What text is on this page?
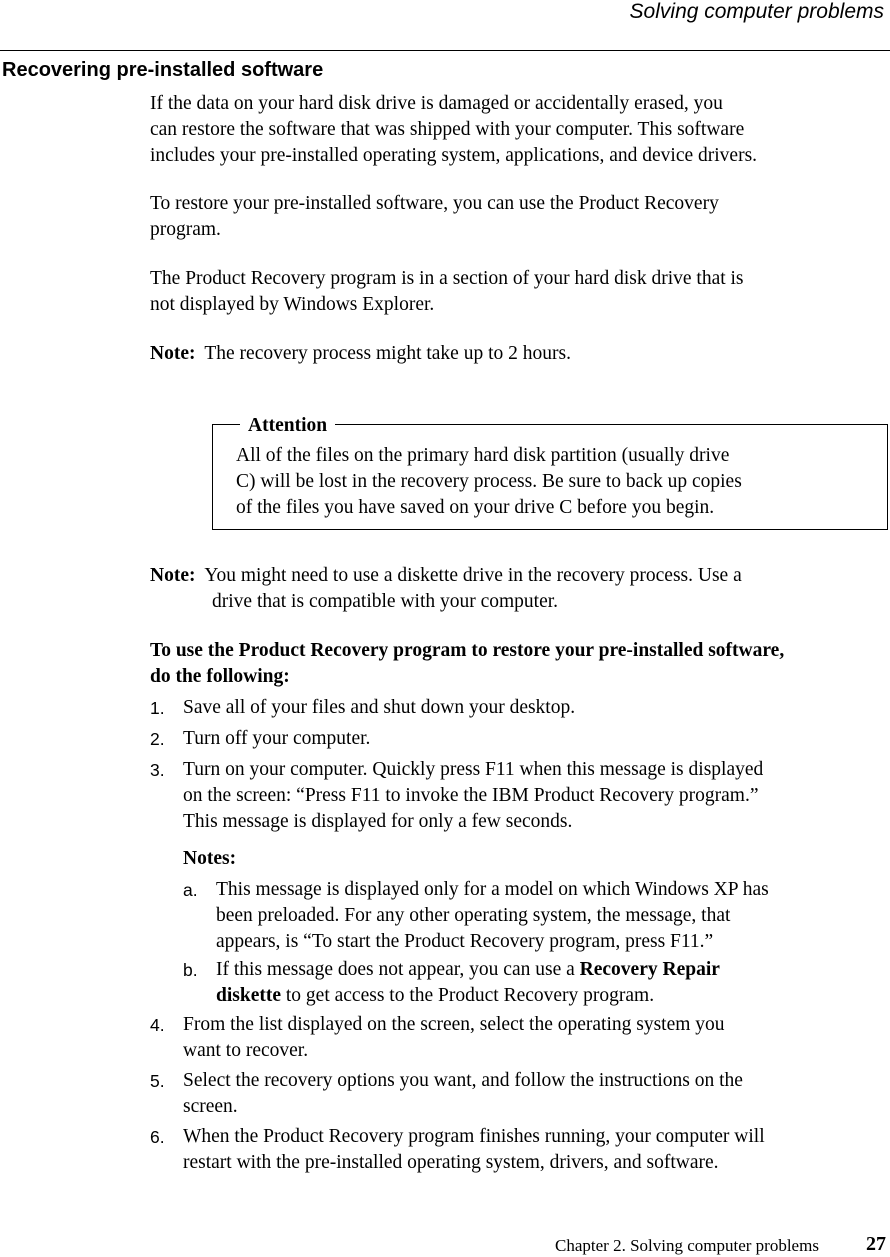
Solving computer problems
Recovering pre-installed software
If the data on your hard disk drive is damaged or accidentally erased, you
can restore the software that was shipped with your computer. This software
includes your pre-installed operating system, applications, and device drivers.
To restore your pre-installed software, you can use the Product Recovery
program.
The Product Recovery program is in a section of your hard disk drive that is
not displayed by Windows Explorer.
Note: The recovery process might take up to 2 hours.
Attention
All of the files on the primary hard disk partition (usually drive
C) will be lost in the recovery process. Be sure to back up copies
of the files you have saved on your drive C before you begin.
Note: You might need to use a diskette drive in the recovery process. Use a
drive that is compatible with your computer.
To use the Product Recovery program to restore your pre-installed software,
do the following:
1. Save all of your files and shut down your desktop.
2. Turn off your computer.
3. Turn on your computer. Quickly press F11 when this message is displayed
on the screen: “Press F11 to invoke the IBM Product Recovery program.”
This message is displayed for only a few seconds.
Notes:
a. This message is displayed only for a model on which Windows XP has
been preloaded. For any other operating system, the message, that
appears, is “To start the Product Recovery program, press F11.”
b. If this message does not appear, you can use a Recovery Repair
diskette to get access to the Product Recovery program.
4. From the list displayed on the screen, select the operating system you
want to recover.
5. Select the recovery options you want, and follow the instructions on the
screen.
6. When the Product Recovery program finishes running, your computer will
restart with the pre-installed operating system, drivers, and software.
Chapter 2. Solving computer problems 27
